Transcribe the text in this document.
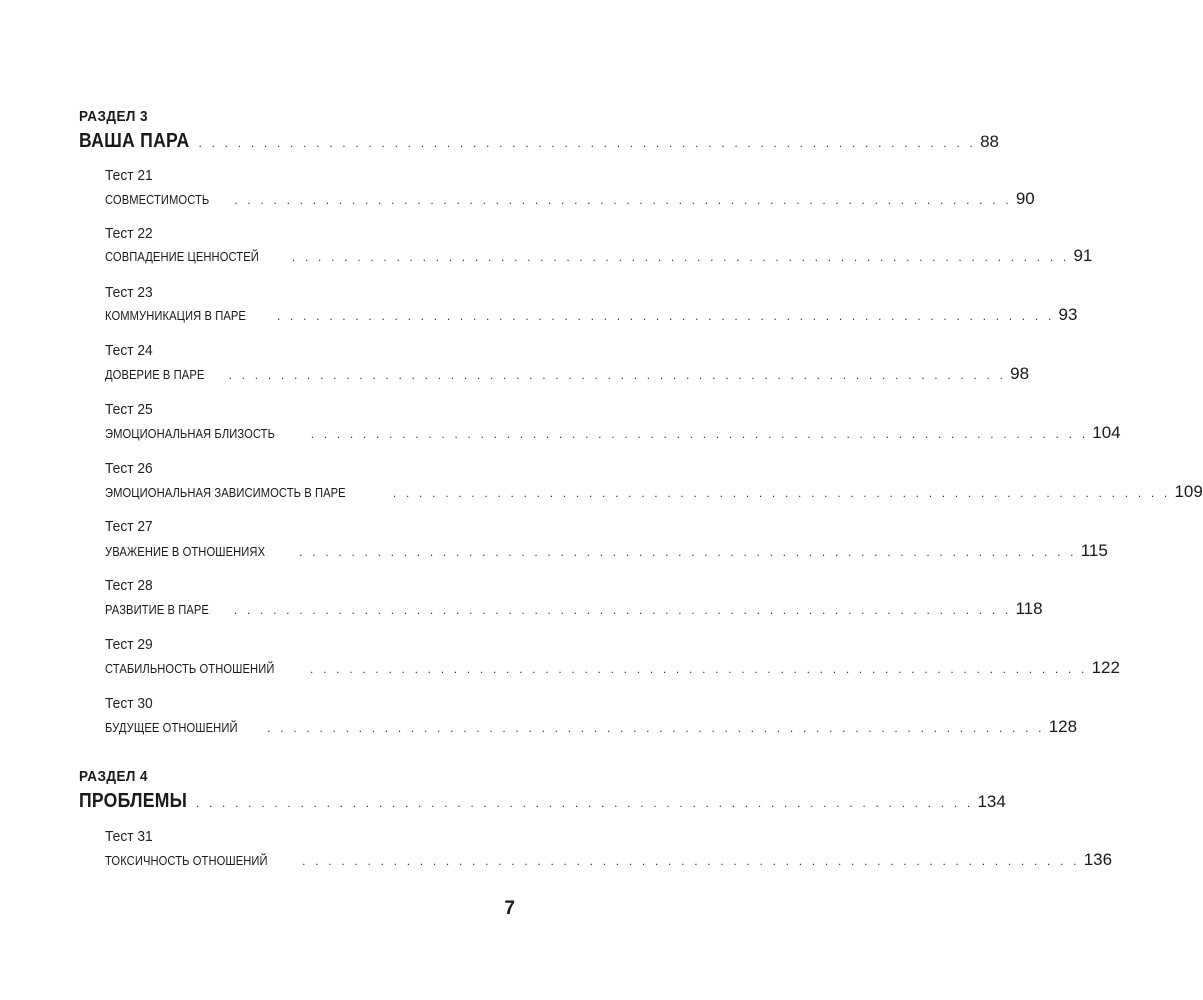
РАЗДЕЛ 3
ВАША ПАРА . . . . . . . . . . . . . . . . . . . . . . . . . . . . . . . . . . . . . . . . . . . . . . . . . . . . . . . . . . . . 88
Тест 21
СОВМЕСТИМОСТЬ . . . . . . . . . . . . . . . . . . . . . . . . . . . . . . . . . . . . . . . . . . . . . . . . . . . . . . . . . . . . 90
Тест 22
СОВПАДЕНИЕ ЦЕННОСТЕЙ	. . . . . . . . . . . . . . . . . . . . . . . . . . . . . . . . . . . . . . . . . . . . . . . . . . . . . . . . . . . . 91
Тест 23
КОММУНИКАЦИЯ В ПАРЕ	. . . . . . . . . . . . . . . . . . . . . . . . . . . . . . . . . . . . . . . . . . . . . . . . . . . . . . . . . . . . 93
Тест 24
ДОВЕРИЕ В ПАРЕ . . . . . . . . . . . . . . . . . . . . . . . . . . . . . . . . . . . . . . . . . . . . . . . . . . . . . . . . . . . . 98
Тест 25
ЭМОЦИОНАЛЬНАЯ БЛИЗОСТЬ	. . . . . . . . . . . . . . . . . . . . . . . . . . . . . . . . . . . . . . . . . . . . . . . . . . . . . . . . . . . . 104
Тест 26
ЭМОЦИОНАЛЬНАЯ ЗАВИСИМОСТЬ В ПАРЕ	. . . . . . . . . . . . . . . . . . . . . . . . . . . . . . . . . . . . . . . . . . . . . . . . . . . . . . . . . . . . 109
Тест 27
УВАЖЕНИЕ В ОТНОШЕНИЯХ	. . . . . . . . . . . . . . . . . . . . . . . . . . . . . . . . . . . . . . . . . . . . . . . . . . . . . . . . . . . . 115
Тест 28
РАЗВИТИЕ В ПАРЕ . . . . . . . . . . . . . . . . . . . . . . . . . . . . . . . . . . . . . . . . . . . . . . . . . . . . . . . . . . . . 118
Тест 29
СТАБИЛЬНОСТЬ ОТНОШЕНИЙ	. . . . . . . . . . . . . . . . . . . . . . . . . . . . . . . . . . . . . . . . . . . . . . . . . . . . . . . . . . . . 122
Тест 30
БУДУЩЕЕ ОТНОШЕНИЙ . . . . . . . . . . . . . . . . . . . . . . . . . . . . . . . . . . . . . . . . . . . . . . . . . . . . . . . . . . . . 128
РАЗДЕЛ 4
ПРОБЛЕМЫ . . . . . . . . . . . . . . . . . . . . . . . . . . . . . . . . . . . . . . . . . . . . . . . . . . . . . . . . . . . . 134
Тест 31
ТОКСИЧНОСТЬ ОТНОШЕНИЙ	. . . . . . . . . . . . . . . . . . . . . . . . . . . . . . . . . . . . . . . . . . . . . . . . . . . . . . . . . . . . 136
7
